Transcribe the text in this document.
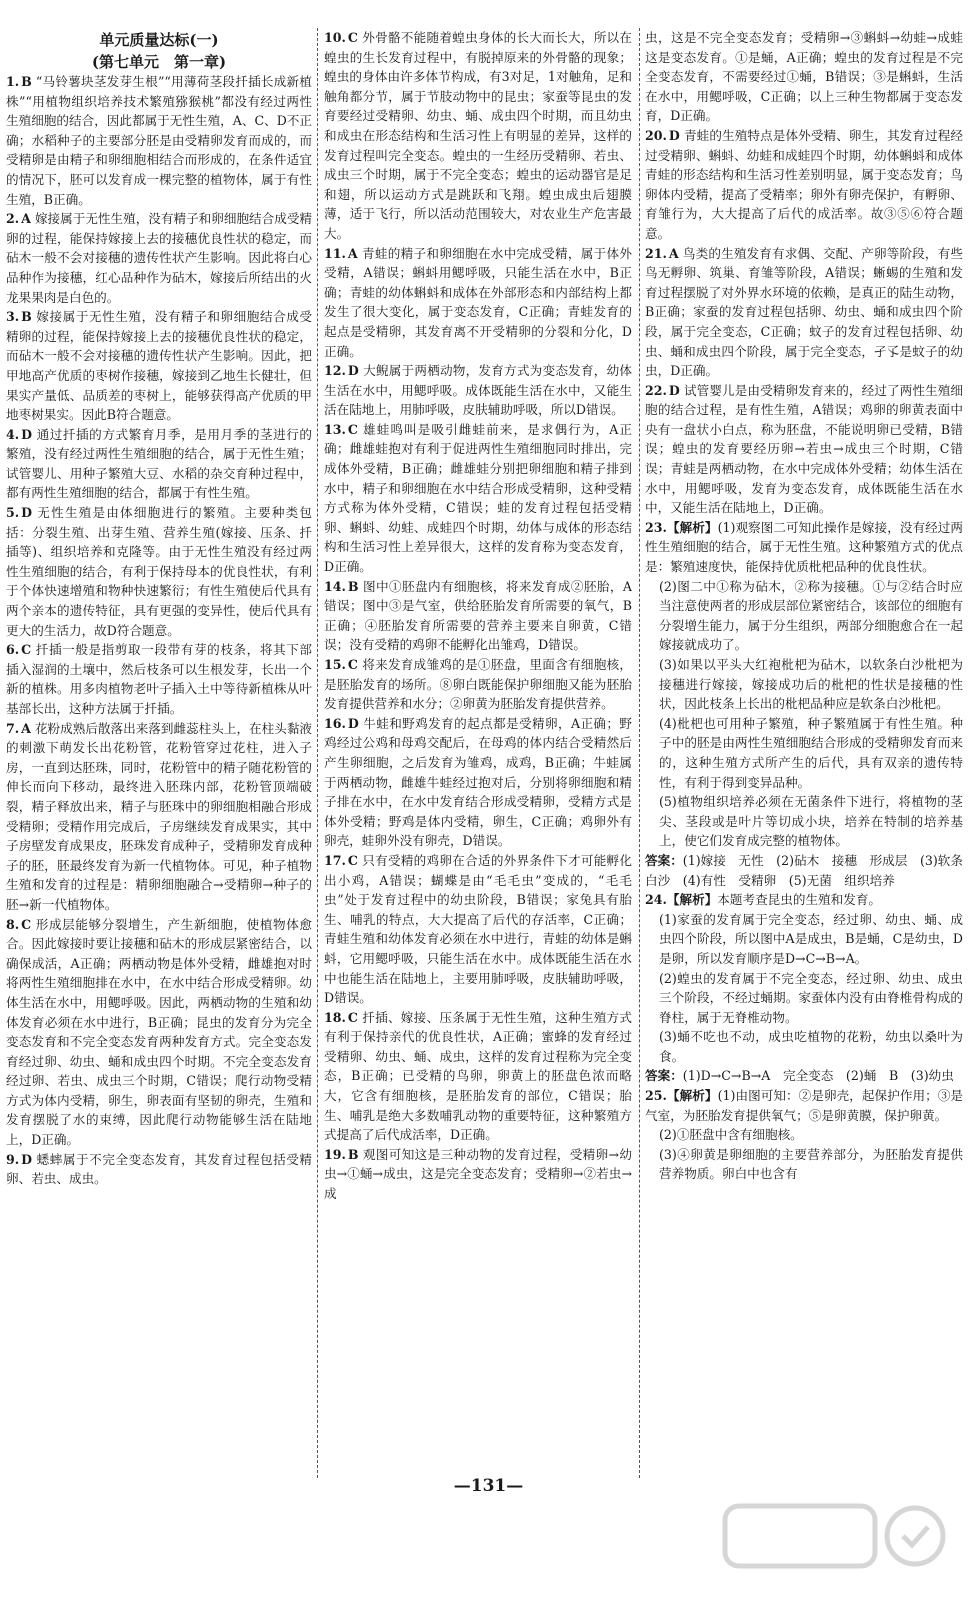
单元质量达标(一)
(第七单元　第一章)

1. B “马铃薯块茎发芽生根”“用薄荷茎段扦插长成新植株”“用植物组织培养技术繁殖猕猴桃”都没有经过两性生殖细胞的结合，因此都属于无性生殖，A、C、D不正确；水稻种子的主要部分胚是由受精卵发育而成的，而受精卵是由精子和卵细胞相结合而形成的，在条件适宜的情况下，胚可以发育成一棵完整的植物体，属于有性生殖，B正确。

2. A 嫁接属于无性生殖，没有精子和卵细胞结合成受精卵的过程，能保持嫁接上去的接穗优良性状的稳定，而砧木一般不会对接穗的遗传性状产生影响。因此将白心品种作为接穗，红心品种作为砧木，嫁接后所结出的火龙果果肉是白色的。

3. B 嫁接属于无性生殖，没有精子和卵细胞结合成受精卵的过程，能保持嫁接上去的接穗优良性状的稳定，而砧木一般不会对接穗的遗传性状产生影响。因此，把甲地高产优质的枣树作接穗，嫁接到乙地生长健壮，但果实产量低、品质差的枣树上，能够获得高产优质的甲地枣树果实。因此B符合题意。

4. D 通过扦插的方式繁育月季，是用月季的茎进行的繁殖，没有经过两性生殖细胞的结合，属于无性生殖；试管婴儿、用种子繁殖大豆、水稻的杂交育种过程中，都有两性生殖细胞的结合，都属于有性生殖。

5. D 无性生殖是由体细胞进行的繁殖。主要种类包括：分裂生殖、出芽生殖、营养生殖(嫁接、压条、扦插等)、组织培养和克隆等。由于无性生殖没有经过两性生殖细胞的结合，有利于保持母本的优良性状，有利于个体快速增殖和物种快速繁衍；有性生殖使后代具有两个亲本的遗传特征，具有更强的变异性，使后代具有更大的生活力，故D符合题意。

6. C 扦插一般是指剪取一段带有芽的枝条，将其下部插入湿润的土壤中，然后枝条可以生根发芽，长出一个新的植株。用多肉植物老叶子插入土中等待新植株从叶基部长出，这种方法属于扦插。

7. A 花粉成熟后散落出来落到雌蕊柱头上，在柱头黏液的刺激下萌发长出花粉管，花粉管穿过花柱，进入子房，一直到达胚珠，同时，花粉管中的精子随花粉管的伸长而向下移动，最终进入胚珠内部，花粉管顶端破裂，精子释放出来，精子与胚珠中的卵细胞相融合形成受精卵；受精作用完成后，子房继续发育成果实，其中子房壁发育成果皮，胚珠发育成种子，受精卵发育成种子的胚，胚最终发育为新一代植物体。可见，种子植物生殖和发育的过程是：精卵细胞融合→受精卵→种子的胚→新一代植物体。

8. C 形成层能够分裂增生，产生新细胞，使植物体愈合。因此嫁接时要让接穗和砧木的形成层紧密结合，以确保成活，A正确；两栖动物是体外受精，雌雄抱对时将两性生殖细胞排在水中，在水中结合形成受精卵。幼体生活在水中，用鳃呼吸。因此，两栖动物的生殖和幼体发育必须在水中进行，B正确；昆虫的发育分为完全变态发育和不完全变态发育两种发育方式。完全变态发育经过卵、幼虫、蛹和成虫四个时期。不完全变态发育经过卵、若虫、成虫三个时期，C错误；爬行动物受精方式为体内受精，卵生，卵表面有坚韧的卵壳，生殖和发育摆脱了水的束缚，因此爬行动物能够生活在陆地上，D正确。

9. D 蟋蟀属于不完全变态发育，其发育过程包括受精卵、若虫、成虫。

10. C 外骨骼不能随着蝗虫身体的长大而长大，所以在蝗虫的生长发育过程中，有脱掉原来的外骨骼的现象；蝗虫的身体由许多体节构成，有3对足，1对触角，足和触角都分节，属于节肢动物中的昆虫；家蚕等昆虫的发育要经过受精卵、幼虫、蛹、成虫四个时期，而且幼虫和成虫在形态结构和生活习性上有明显的差异，这样的发育过程叫完全变态。蝗虫的一生经历受精卵、若虫、成虫三个时期，属于不完全变态；蝗虫的运动器官是足和翅，所以运动方式是跳跃和飞翔。蝗虫成虫后翅膜薄，适于飞行，所以活动范围较大，对农业生产危害最大。

11. A 青蛙的精子和卵细胞在水中完成受精，属于体外受精，A错误；蝌蚪用鳃呼吸，只能生活在水中，B正确；青蛙的幼体蝌蚪和成体在外部形态和内部结构上都发生了很大变化，属于变态发育，C正确；青蛙发育的起点是受精卵，其发育离不开受精卵的分裂和分化，D正确。

12. D 大鲵属于两栖动物，发育方式为变态发育，幼体生活在水中，用鳃呼吸。成体既能生活在水中，又能生活在陆地上，用肺呼吸，皮肤辅助呼吸，所以D错误。

13. C 雄蛙鸣叫是吸引雌蛙前来，是求偶行为，A正确；雌雄蛙抱对有利于促进两性生殖细胞同时排出，完成体外受精，B正确；雌雄蛙分别把卵细胞和精子排到水中，精子和卵细胞在水中结合形成受精卵，这种受精方式称为体外受精，C错误；蛙的发育过程包括受精卵、蝌蚪、幼蛙、成蛙四个时期，幼体与成体的形态结构和生活习性上差异很大，这样的发育称为变态发育，D正确。

14. B 图中①胚盘内有细胞核，将来发育成②胚胎，A错误；图中③是气室，供给胚胎发育所需要的氧气，B正确；④胚胎发育所需要的营养主要来自卵黄，C错误；没有受精的鸡卵不能孵化出雏鸡，D错误。

15. C 将来发育成雏鸡的是①胚盘，里面含有细胞核，是胚胎发育的场所。⑧卵白既能保护卵细胞又能为胚胎发育提供营养和水分；②卵黄为胚胎发育提供营养。

16. D 牛蛙和野鸡发育的起点都是受精卵，A正确；野鸡经过公鸡和母鸡交配后，在母鸡的体内结合受精然后产生卵细胞，之后发育为雏鸡，成鸡，B正确；牛蛙属于两栖动物，雌雄牛蛙经过抱对后，分别将卵细胞和精子排在水中，在水中发育结合形成受精卵，受精方式是体外受精；野鸡是体内受精，卵生，C正确；鸡卵外有卵壳，蛙卵外没有卵壳，D错误。

17. C 只有受精的鸡卵在合适的外界条件下才可能孵化出小鸡，A错误；蝴蝶是由“毛毛虫”变成的，“毛毛虫”处于发育过程中的幼虫阶段，B错误；家兔具有胎生、哺乳的特点，大大提高了后代的存活率，C正确；青蛙生殖和幼体发育必须在水中进行，青蛙的幼体是蝌蚪，它用鳃呼吸，只能生活在水中。成体既能生活在水中也能生活在陆地上，主要用肺呼吸，皮肤辅助呼吸，D错误。

18. C 扦插、嫁接、压条属于无性生殖，这种生殖方式有利于保持亲代的优良性状，A正确；蜜蜂的发育经过受精卵、幼虫、蛹、成虫，这样的发育过程称为完全变态，B正确；已受精的鸟卵，卵黄上的胚盘色浓而略大，它含有细胞核，是胚胎发育的部位，C错误；胎生、哺乳是绝大多数哺乳动物的重要特征，这种繁殖方式提高了后代成活率，D正确。

19. B 观图可知这是三种动物的发育过程，受精卵→幼虫→①蛹→成虫，这是完全变态发育；受精卵→②若虫→成

虫，这是不完全变态发育；受精卵→③蝌蚪→幼蛙→成蛙这是变态发育。①是蛹，A正确；蝗虫的发育过程是不完全变态发育，不需要经过①蛹，B错误；③是蝌蚪，生活在水中，用鳃呼吸，C正确；以上三种生物都属于变态发育，D正确。

20. D 青蛙的生殖特点是体外受精、卵生，其发育过程经过受精卵、蝌蚪、幼蛙和成蛙四个时期，幼体蝌蚪和成体青蛙的形态结构和生活习性差别明显，属于变态发育；鸟卵体内受精，提高了受精率；卵外有卵壳保护，有孵卵、育雏行为，大大提高了后代的成活率。故③⑤⑥符合题意。

21. A 鸟类的生殖发育有求偶、交配、产卵等阶段，有些鸟无孵卵、筑巢、育雏等阶段，A错误；蜥蜴的生殖和发育过程摆脱了对外界水环境的依赖，是真正的陆生动物，B正确；家蚕的发育过程包括卵、幼虫、蛹和成虫四个阶段，属于完全变态，C正确；蚊子的发育过程包括卵、幼虫、蛹和成虫四个阶段，属于完全变态，孑孓是蚊子的幼虫，D正确。

22. D 试管婴儿是由受精卵发育来的，经过了两性生殖细胞的结合过程，是有性生殖，A错误；鸡卵的卵黄表面中央有一盘状小白点，称为胚盘，不能说明卵已受精，B错误；蝗虫的发育要经历卵→若虫→成虫三个时期，C错误；青蛙是两栖动物，在水中完成体外受精；幼体生活在水中，用鳃呼吸，发育为变态发育，成体既能生活在水中，又能生活在陆地上，D正确。

23.【解析】(1)观察图二可知此操作是嫁接，没有经过两性生殖细胞的结合，属于无性生殖。这种繁殖方式的优点是：繁殖速度快，能保持优质枇杷品种的优良性状。

(2)图二中①称为砧木，②称为接穗。①与②结合时应当注意使两者的形成层部位紧密结合，该部位的细胞有分裂增生能力，属于分生组织，两部分细胞愈合在一起嫁接就成功了。

(3)如果以平头大红袍枇杷为砧木，以软条白沙枇杷为接穗进行嫁接，嫁接成功后的枇杷的性状是接穗的性状，因此枝条上长出的枇杷品种应是软条白沙枇杷。

(4)枇杷也可用种子繁殖，种子繁殖属于有性生殖。种子中的胚是由两性生殖细胞结合形成的受精卵发育而来的，这种生殖方式所产生的后代，具有双亲的遗传特性，有利于得到变异品种。

(5)植物组织培养必须在无菌条件下进行，将植物的茎尖、茎段或是叶片等切成小块，培养在特制的培养基上，使它们发育成完整的植物体。

答案：(1)嫁接　无性　(2)砧木　接穗　形成层　(3)软条白沙　(4)有性　受精卵　(5)无菌　组织培养

24.【解析】本题考查昆虫的生殖和发育。

(1)家蚕的发育属于完全变态，经过卵、幼虫、蛹、成虫四个阶段，所以图中A是成虫，B是蛹，C是幼虫，D是卵，所以发育顺序是D→C→B→A。

(2)蝗虫的发育属于不完全变态，经过卵、幼虫、成虫三个阶段，不经过蛹期。家蚕体内没有由脊椎骨构成的脊柱，属于无脊椎动物。

(3)蛹不吃也不动，成虫吃植物的花粉，幼虫以桑叶为食。

答案：(1)D→C→B→A　完全变态　(2)蛹　B　(3)幼虫

25.【解析】(1)由图可知：②是卵壳，起保护作用；③是气室，为胚胎发育提供氧气；⑤是卵黄膜，保护卵黄。

(2)①胚盘中含有细胞核。

(3)④卵黄是卵细胞的主要营养部分，为胚胎发育提供营养物质。卵白中也含有

—131—
